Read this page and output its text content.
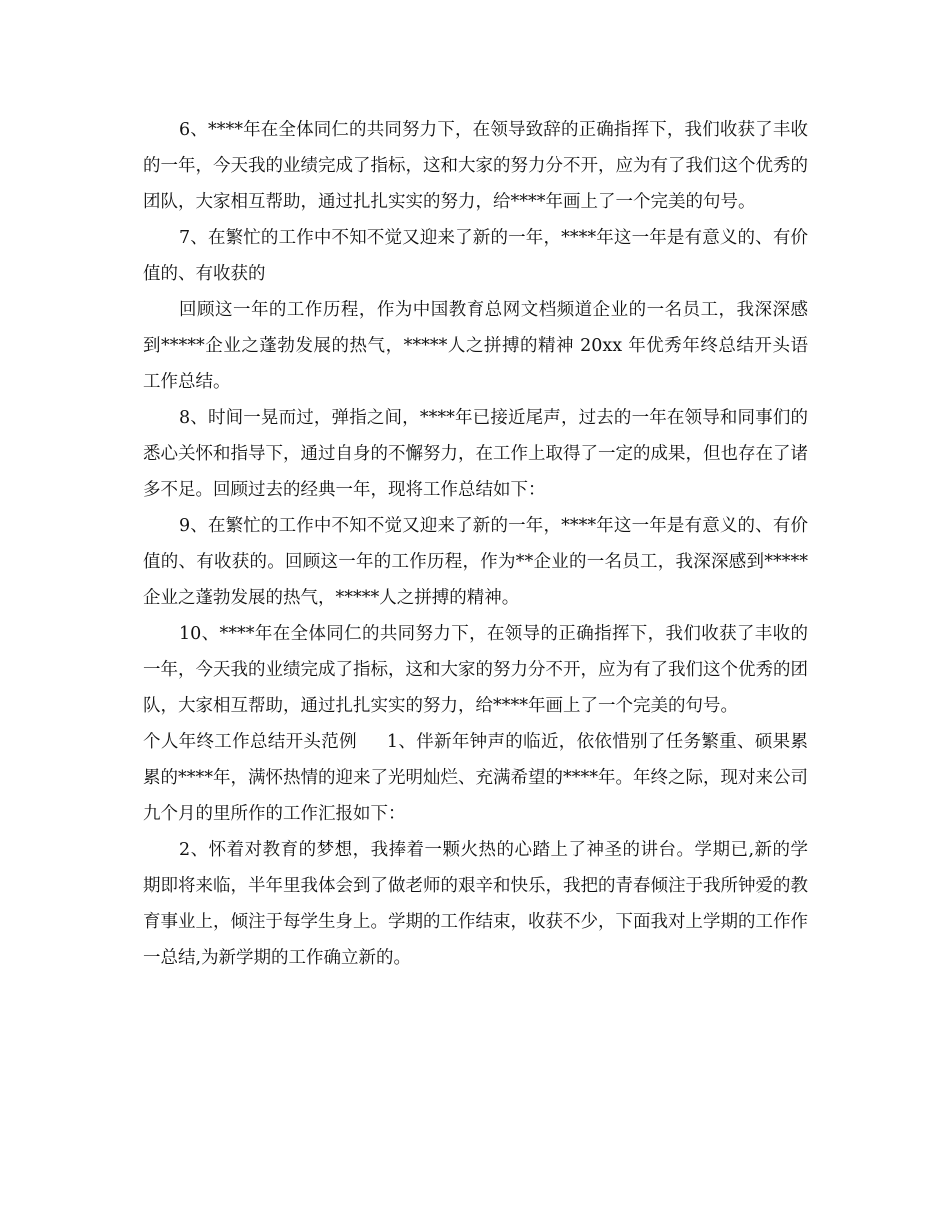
6、****年在全体同仁的共同努力下，在领导致辞的正确指挥下，我们收获了丰收的一年，今天我的业绩完成了指标，这和大家的努力分不开，应为有了我们这个优秀的团队，大家相互帮助，通过扎扎实实的努力，给****年画上了一个完美的句号。

7、在繁忙的工作中不知不觉又迎来了新的一年，****年这一年是有意义的、有价值的、有收获的

回顾这一年的工作历程，作为中国教育总网文档频道企业的一名员工，我深深感到*****企业之蓬勃发展的热气，*****人之拼搏的精神 20xx 年优秀年终总结开头语工作总结。

8、时间一晃而过，弹指之间，****年已接近尾声，过去的一年在领导和同事们的悉心关怀和指导下，通过自身的不懈努力，在工作上取得了一定的成果，但也存在了诸多不足。回顾过去的经典一年，现将工作总结如下：

9、在繁忙的工作中不知不觉又迎来了新的一年，****年这一年是有意义的、有价值的、有收获的。回顾这一年的工作历程，作为**企业的一名员工，我深深感到*****企业之蓬勃发展的热气，*****人之拼搏的精神。

10、****年在全体同仁的共同努力下，在领导的正确指挥下，我们收获了丰收的一年，今天我的业绩完成了指标，这和大家的努力分不开，应为有了我们这个优秀的团队，大家相互帮助，通过扎扎实实的努力，给****年画上了一个完美的句号。

个人年终工作总结开头范例 1、伴新年钟声的临近，依依惜别了任务繁重、硕果累累的****年，满怀热情的迎来了光明灿烂、充满希望的****年。年终之际，现对来公司九个月的里所作的工作汇报如下：

2、怀着对教育的梦想，我捧着一颗火热的心踏上了神圣的讲台。学期已,新的学期即将来临，半年里我体会到了做老师的艰辛和快乐，我把的青春倾注于我所钟爱的教育事业上，倾注于每学生身上。学期的工作结束，收获不少，下面我对上学期的工作作一总结,为新学期的工作确立新的。
